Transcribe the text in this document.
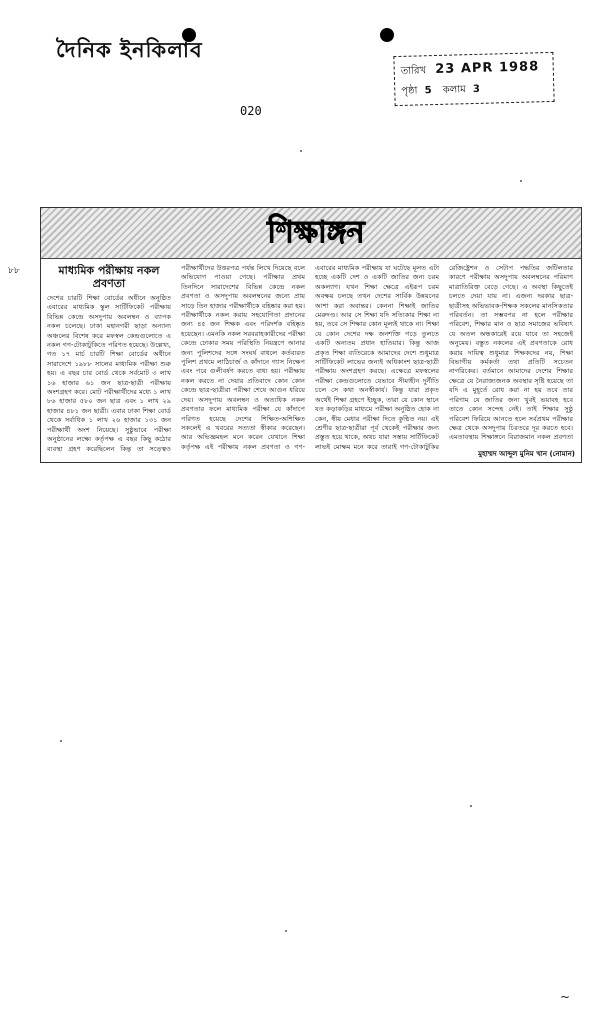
দৈনিক ইনকিলাব
020
তারিখ 23 APR 1988
পৃষ্ঠা 5 কলাম 3
৮৮
শিক্ষাঙ্গন
মাধ্যমিক পরীক্ষায় নকল প্রবণতা

দেশের চারটি শিক্ষা বোর্ডের অধীনে অনুষ্ঠিত এবারের মাধ্যমিক স্কুল সার্টিফিকেট পরীক্ষায় বিভিন্ন কেন্দ্রে অসদুপায় অবলম্বন ও ব্যাপক নকল চলেছে। ঢাকা মহানগরী ছাড়া অন্যান্য অঞ্চলের বিশেষ করে মফস্বল কেন্দ্রগুলোতে এ নকল গণ-টোকাটুকিতে পরিণত হয়েছে। উল্লেখ্য, গত ১৭ মার্চ চারটি শিক্ষা বোর্ডের অধীনে সারাদেশে ১৯৮৮ সালের মাধ্যমিক পরীক্ষা শুরু হয়। এ বছর চার বোর্ড থেকে সর্বমোট ৩ লাখ ১৬ হাজার ৬১ জন ছাত্র-ছাত্রী পরীক্ষায় অংশগ্রহণ করে। মোট পরীক্ষার্থীদের মধ্যে ১ লাখ ৮৬ হাজার ৫৮০ জন ছাত্র এবং ১ লাখ ২৯ হাজার ৪৮১ জন ছাত্রী। এবার ঢাকা শিক্ষা বোর্ড থেকে সর্বাধিক ১ লাখ ২৬ হাজার ১৩১ জন পরীক্ষার্থী অংশ নিয়েছে। সুষ্ঠুভাবে পরীক্ষা অনুষ্ঠানের লক্ষ্যে কর্তৃপক্ষ এ বছর কিছু কঠোর ব্যবস্থা গ্রহণ করেছিলেন কিন্তু তা সত্ত্বেও

পরীক্ষার্থীদের উত্তরপত্র পর্যন্ত লিখে দিয়েছে বলে অভিযোগ পাওয়া গেছে। পরীক্ষার প্রথম তিনদিনে সারাদেশের বিভিন্ন কেন্দ্রে নকল প্রবণতা ও অসদুপায় অবলম্বনের জন্যে প্রায় সাড়ে তিন হাজার পরীক্ষার্থীকে বহিষ্কার করা হয়। পরীক্ষার্থীকে নকল করায় সহযোগিতা প্রদানের জন্য ৪৫ জন শিক্ষক এবং পরিদর্শক বহিষ্কৃত হয়েছেন। এমনকি নকল সরবরাহকারীদের পরীক্ষা কেন্দ্রে ঢোকার সময় পরিস্থিতি নিয়ন্ত্রণে আনার জন্য পুলিশদের সঙ্গে সংঘর্ষ বাধলে কর্তব্যরত পুলিশ প্রথমে লাঠিচার্জ ও কাঁদানে গ্যাস নিক্ষেপ এবং পরে গুলীবর্ষণ করতে বাধ্য হয়। পরীক্ষায় নকল করতে না দেয়ার প্রতিবাদে কোন কোন কেন্দ্রে ছাত্র-ছাত্রীরা পরীক্ষা শেষে আগুন ধরিয়ে দেয়। অসদুপায় অবলম্বন ও অত্যধিক নকল প্রবণতার ফলে মাধ্যমিক পরীক্ষা যে কাঁদাপে পরিণত হয়েছে দেশের শিক্ষিত-অশিক্ষিত সকলেই এ খবরের সত্যতা স্বীকার করেছেন। আর অভিজ্ঞমহল মনে করেন যেখানে শিক্ষা কর্তৃপক্ষ এই পরীক্ষায় নকল প্রবণতা ও গণ-

এবারের মাধ্যমিক পরীক্ষায় যা ঘটেছে মূলত এটা হচ্ছে একটি দেশ ও একটি জাতির জন্য চরম অকল্যাণ। যখন শিক্ষা ক্ষেত্রে এইরূপ চরম অবক্ষয় চলছে তখন দেশের সার্বিক উন্নয়নের আশা করা অবান্তর। কেননা শিক্ষাই জাতির মেরুদণ্ড। আর সে শিক্ষা যদি সত্যিকার শিক্ষা না হয়, তবে সে শিক্ষার কোন মূল্যই থাকে না। শিক্ষা যে কোন দেশের দক্ষ জনশক্তি গড়ে তুলতে একটি অন্যতম প্রধান হাতিয়ার। কিন্তু আজ প্রকৃত শিক্ষা ব্যতিরেকে আমাদের দেশে শুধুমাত্র সার্টিফিকেট লাভের জন্যই অধিকাংশ ছাত্র-ছাত্রী পরীক্ষায় অংশগ্রহণ করছে। এক্ষেত্রে মফস্বলের পরীক্ষা কেন্দ্রগুলোতে যেভাবে সীমাহীন দুর্নীতি চলে সে কথা অনস্বীকার্য। কিন্তু যারা প্রকৃত অর্থেই শিক্ষা গ্রহণে ইচ্ছুক, তারা যে কোন স্থানে যত কড়াকড়ির মাধ্যমে পরীক্ষা অনুষ্ঠিত হোক না কেন, স্বীয় মেধার পরীক্ষা দিতে কুণ্ঠিত নয়। এই শ্রেণীর ছাত্র-ছাত্রীরা পূর্ব থেকেই পরীক্ষার জন্য প্রস্তুত হয়ে থাকে, অথচ যারা সস্তায় সার্টিফিকেট লাভই মোক্ষম মনে করে তারাই গণ-টোকাটুকির

রেজিষ্ট্রেশন ও সেটাপ পদ্ধতির জটিলতার কারণে পরীক্ষায় অসদুপায় অবলম্বনের পরিমাণ মাত্রাতিরিক্ত বেড়ে গেছে। এ অবস্থা কিছুতেই চলতে দেয়া যায় না। এজন্য দরকার ছাত্র-ছাত্রীসহ অভিভাবক-শিক্ষক সকলের মানসিকতার পরিবর্তন। তা সম্ভবপর না হলে পরীক্ষার পরিবেশ, শিক্ষার মান ও ছাত্র সমাজের ভবিষ্যৎ যে অতল অন্ধকারেই রয়ে যাবে তা সহজেই অনুমেয়। বস্তুত নকলের এই প্রবণতাকে রোধ করার দায়িত্ব শুধুমাত্র শিক্ষকদের নয়, শিক্ষা বিভাগীয় কর্মকর্তা তথা প্রতিটি সচেতন নাগরিকের। বর্তমানে আমাদের দেশের শিক্ষার ক্ষেত্রে যে নৈরাজ্যজনক অবস্থার সৃষ্টি হয়েছে তা যদি এ মুহূর্তে রোধ করা না হয় তবে তার পরিণাম যে জাতির জন্য খুবই ভয়াবহ হবে তাতে কোন সন্দেহ নেই। তাই শিক্ষার সুষ্ঠু পরিবেশ ফিরিয়ে আনতে হলে সর্বপ্রথম পরীক্ষার ক্ষেত্র থেকে অসদুপায় চিরতরে দূর করতে হবে। এমতাবস্থায় শিক্ষাঙ্গনে বিরাজমান নকল প্রবণতা

মুহাম্মদ আব্দুল মুনিম খান (নোমান)
~
